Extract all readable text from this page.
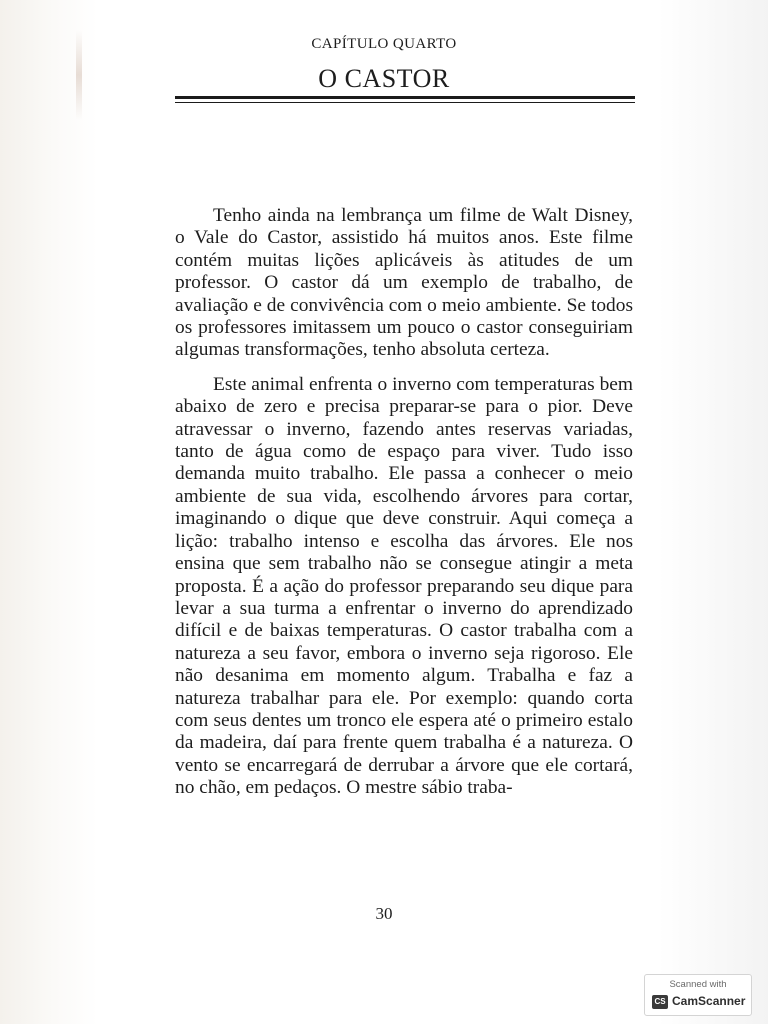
CAPÍTULO QUARTO
O CASTOR

Tenho ainda na lembrança um filme de Walt Disney, o Vale do Castor, assistido há muitos anos. Este filme contém muitas lições aplicáveis às atitudes de um professor. O castor dá um exemplo de trabalho, de avaliação e de convivência com o meio ambiente. Se todos os professores imitassem um pouco o castor conseguiriam algumas transformações, tenho absoluta certeza.

Este animal enfrenta o inverno com temperaturas bem abaixo de zero e precisa preparar-se para o pior. Deve atravessar o inverno, fazendo antes reservas variadas, tanto de água como de espaço para viver. Tudo isso demanda muito trabalho. Ele passa a conhecer o meio ambiente de sua vida, escolhendo árvores para cortar, imaginando o dique que deve construir. Aqui começa a lição: trabalho intenso e escolha das árvores. Ele nos ensina que sem trabalho não se consegue atingir a meta proposta. É a ação do professor preparando seu dique para levar a sua turma a enfrentar o inverno do aprendizado difícil e de baixas temperaturas. O castor trabalha com a natureza a seu favor, embora o inverno seja rigoroso. Ele não desanima em momento algum. Trabalha e faz a natureza trabalhar para ele. Por exemplo: quando corta com seus dentes um tronco ele espera até o primeiro estalo da madeira, daí para frente quem trabalha é a natureza. O vento se encarregará de derrubar a árvore que ele cortará, no chão, em pedaços. O mestre sábio traba-

30
Scanned with
CS CamScanner
